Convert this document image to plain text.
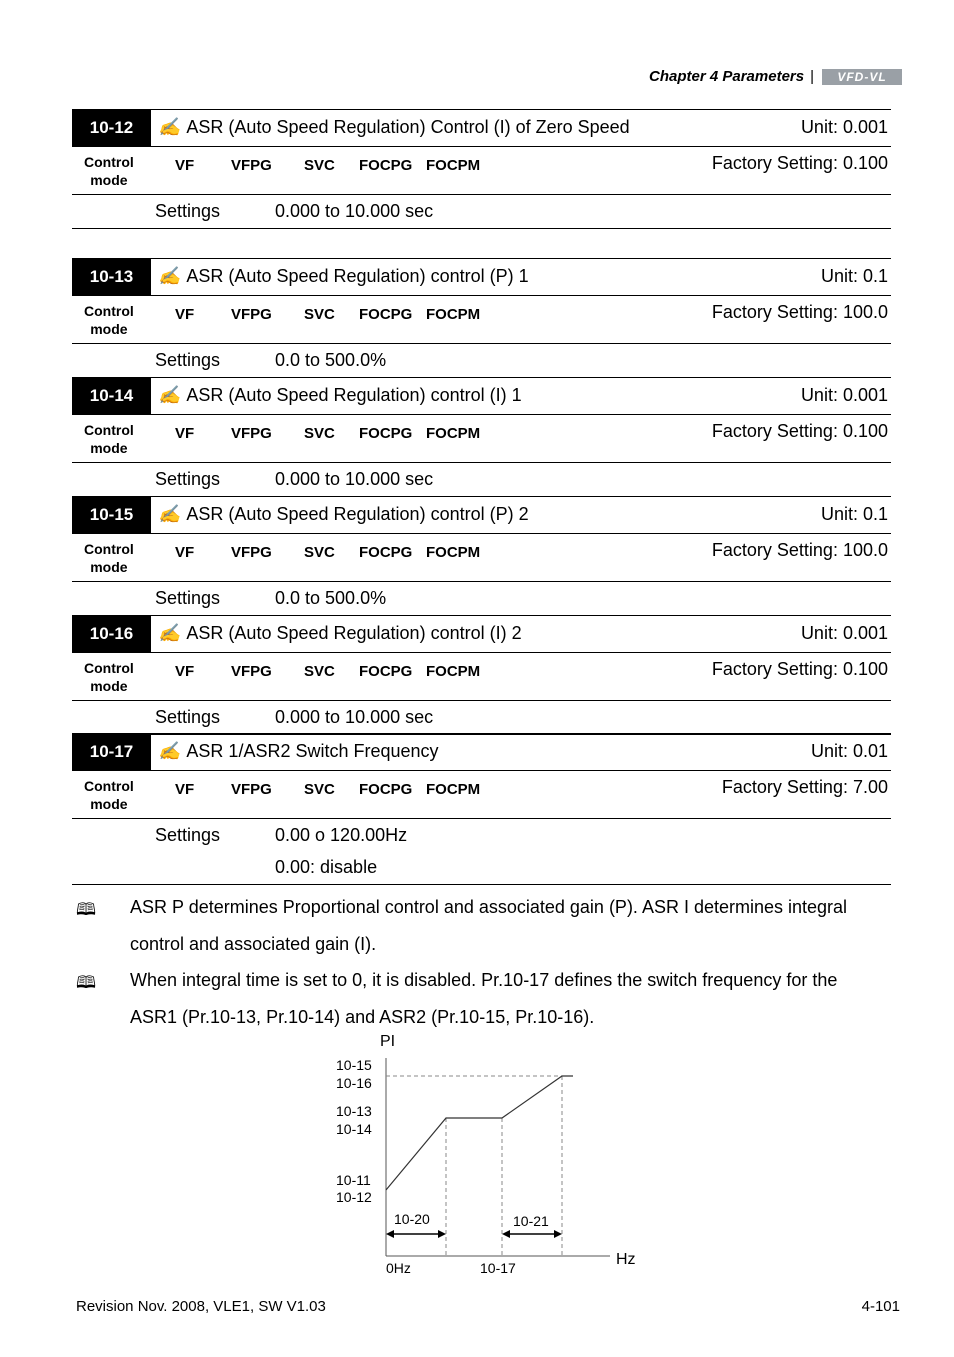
Chapter 4 Parameters |	VFD-VL
10-12	✍ ASR (Auto Speed Regulation) Control (I) of Zero Speed	Unit: 0.001
Control
mode
VF VFPG SVC FOCPG FOCPM	Factory Setting: 0.100
Settings	0.000 to 10.000 sec
10-13	✍ ASR (Auto Speed Regulation) control (P) 1	Unit: 0.1
Control
mode
VF VFPG SVC FOCPG FOCPM	Factory Setting: 100.0
Settings	0.0 to 500.0%
10-14	✍ ASR (Auto Speed Regulation) control (I) 1	Unit: 0.001
Control
mode
VF VFPG SVC FOCPG FOCPM	Factory Setting: 0.100
Settings	0.000 to 10.000 sec
10-15	✍ ASR (Auto Speed Regulation) control (P) 2	Unit: 0.1
Control
mode
VF VFPG SVC FOCPG FOCPM	Factory Setting: 100.0
Settings	0.0 to 500.0%
10-16	✍ ASR (Auto Speed Regulation) control (I) 2	Unit: 0.001
Control
mode
VF VFPG SVC FOCPG FOCPM	Factory Setting: 0.100
Settings	0.000 to 10.000 sec
10-17	✍ ASR 1/ASR2 Switch Frequency	Unit: 0.01
Control
mode
VF VFPG SVC FOCPG FOCPM	Factory Setting: 7.00
Settings	0.00 o 120.00Hz
0.00: disable
🕮 ASR P determines Proportional control and associated gain (P). ASR I determines integral
control and associated gain (I).
🕮 When integral time is set to 0, it is disabled. Pr.10-17 defines the switch frequency for the
ASR1 (Pr.10-13, Pr.10-14) and ASR2 (Pr.10-15, Pr.10-16).
PI
10-15
10-16
10-13
10-14
10-11
10-12
10-20	10-21
0Hz	10-17	Hz
Revision Nov. 2008, VLE1, SW V1.03	4-101
